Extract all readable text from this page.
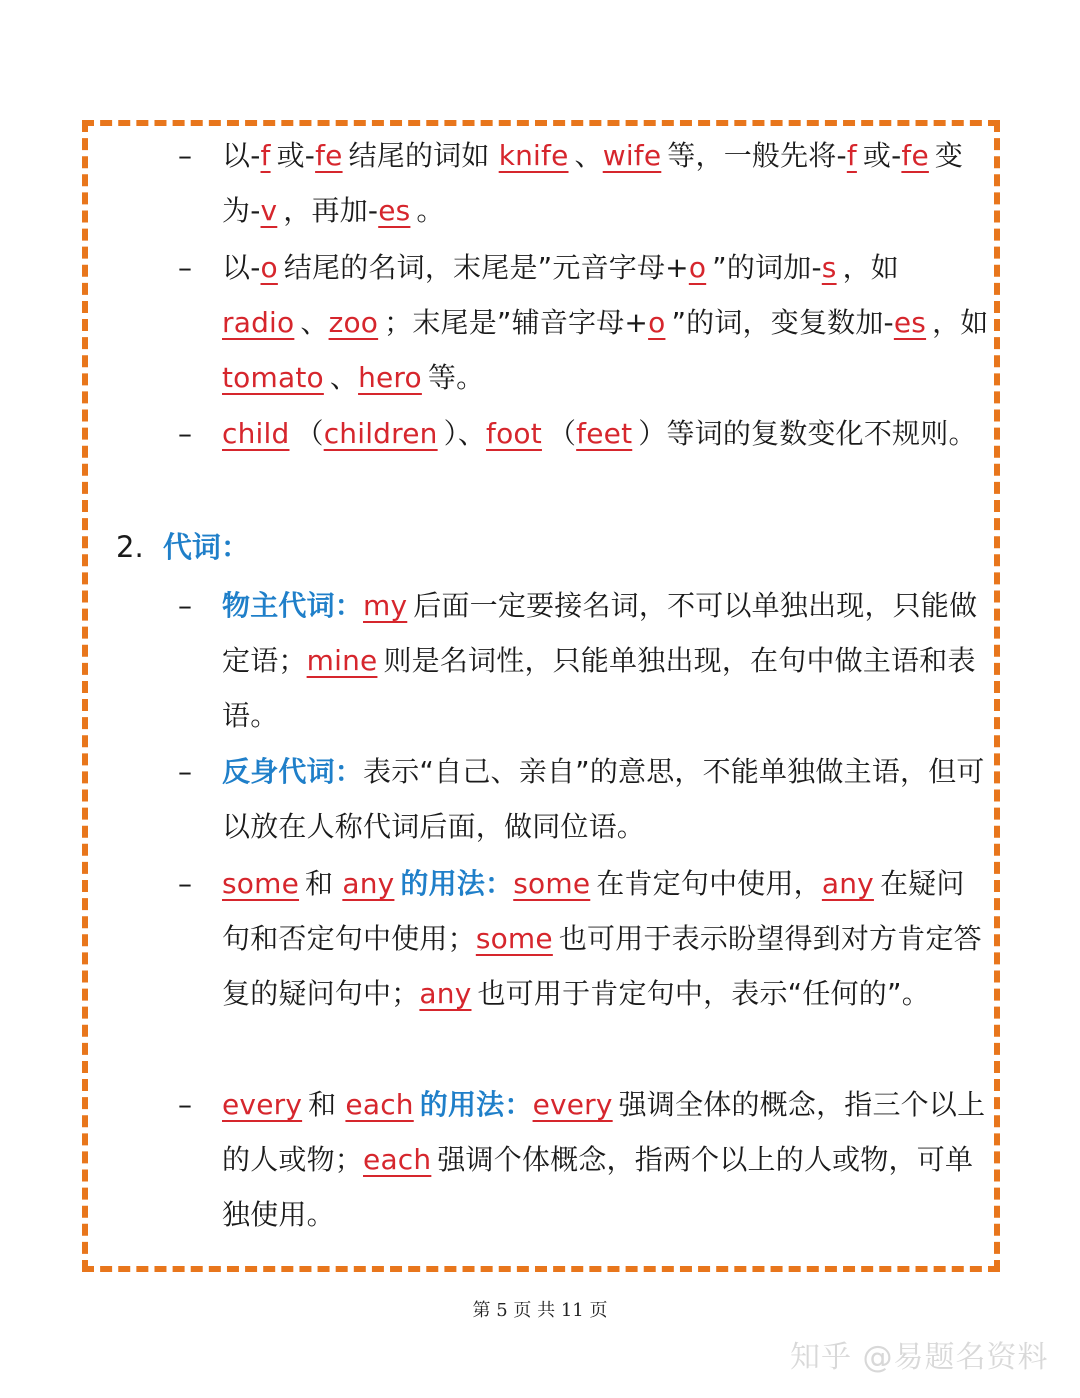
–	以-f 或-fe 结尾的词如 knife 、wife 等，一般先将-f 或-fe 变为-v ，再加-es 。
–	以-o 结尾的名词，末尾是”元音字母+o ”的词加-s ，如 radio 、zoo ；末尾是”辅音字母+o ”的词，变复数加-es ，如 tomato 、hero 等。
–	child （children ）、foot （feet ）等词的复数变化不规则。
2. 代词：
–	物主代词：my 后面一定要接名词，不可以单独出现，只能做定语；mine 则是名词性，只能单独出现，在句中做主语和表语。
–	反身代词：表示“自己、亲自”的意思，不能单独做主语，但可以放在人称代词后面，做同位语。
–	some 和 any 的用法：some 在肯定句中使用，any 在疑问句和否定句中使用；some 也可用于表示盼望得到对方肯定答复的疑问句中；any 也可用于肯定句中，表示“任何的”。
–	every 和 each 的用法：every 强调全体的概念，指三个以上的人或物；each 强调个体概念，指两个以上的人或物，可单独使用。
第 5 页 共 11 页
知乎 @易题名资料
